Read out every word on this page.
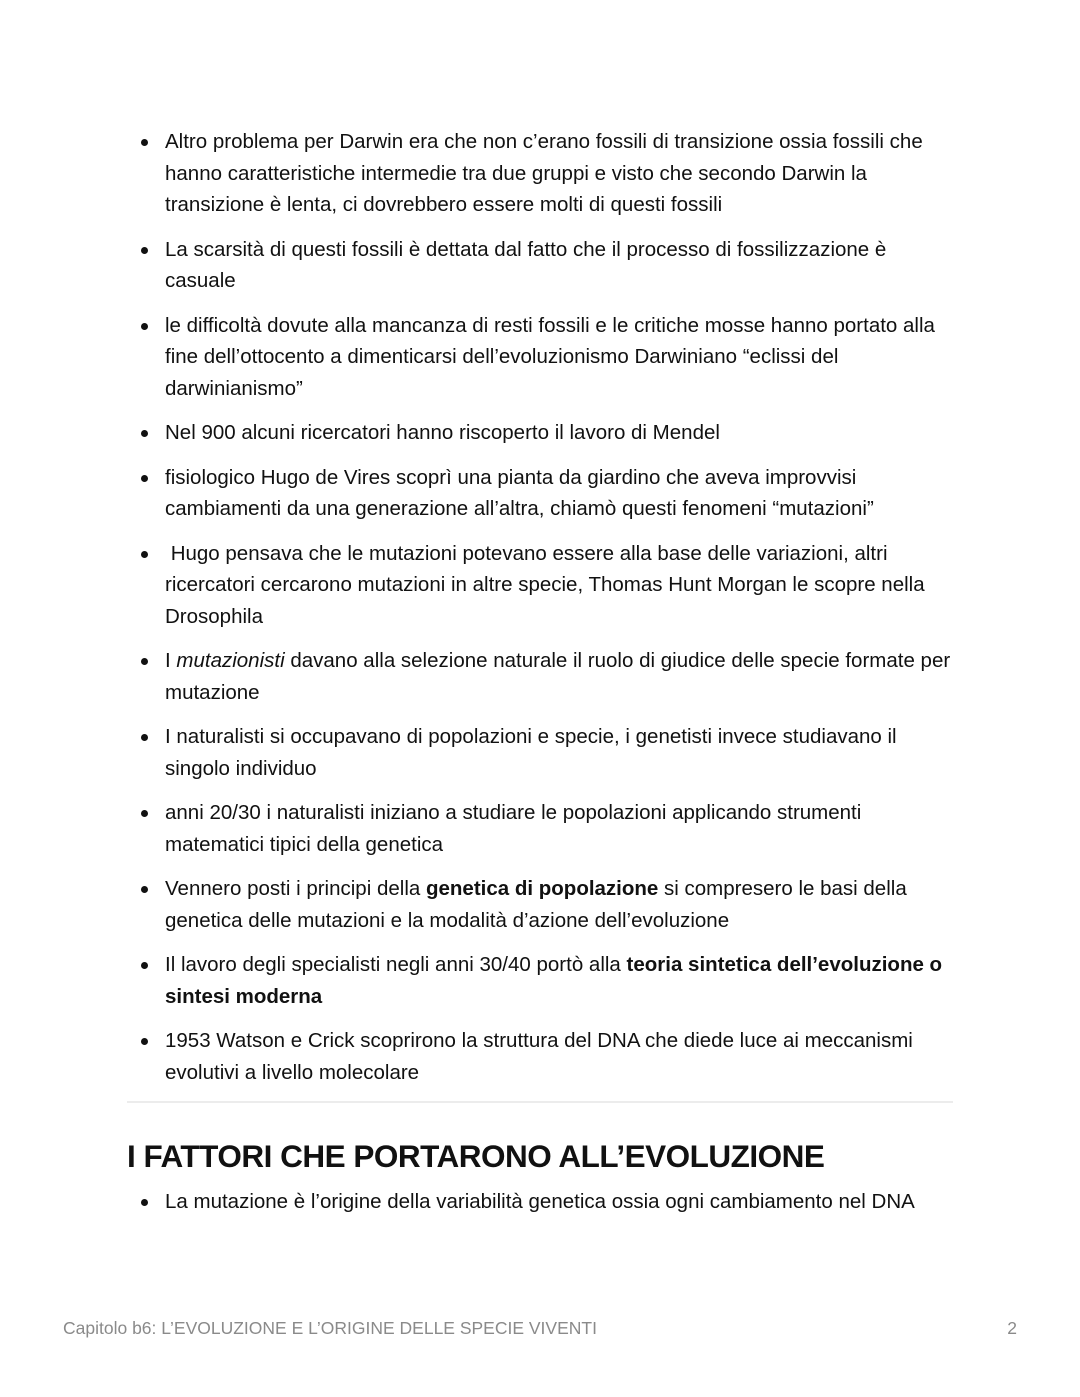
Altro problema per Darwin era che non c’erano fossili di transizione ossia fossili che hanno caratteristiche intermedie tra due gruppi e visto che secondo Darwin la transizione è lenta, ci dovrebbero essere molti di questi fossili
La scarsità di questi fossili è dettata dal fatto che il processo di fossilizzazione è casuale
le difficoltà dovute alla mancanza di resti fossili e le critiche mosse hanno portato alla fine dell’ottocento a dimenticarsi dell’evoluzionismo Darwiniano “eclissi del darwinianismo”
Nel 900 alcuni ricercatori hanno riscoperto il lavoro di Mendel
fisiologico Hugo de Vires scoprì una pianta da giardino che aveva improvvisi cambiamenti da una generazione all’altra, chiamò questi fenomeni “mutazioni”
Hugo pensava che le mutazioni potevano essere alla base delle variazioni, altri ricercatori cercarono mutazioni in altre specie, Thomas Hunt Morgan le scopre nella Drosophila
I mutazionisti davano alla selezione naturale il ruolo di giudice delle specie formate per mutazione
I naturalisti si occupavano di popolazioni e specie, i genetisti invece studiavano il singolo individuo
anni 20/30 i naturalisti iniziano a studiare le popolazioni applicando strumenti matematici tipici della genetica
Vennero posti i principi della genetica di popolazione si compresero le basi della genetica delle mutazioni e la modalità d’azione dell’evoluzione
Il lavoro degli specialisti negli anni 30/40 portò alla teoria sintetica dell’evoluzione o sintesi moderna
1953 Watson e Crick scoprirono la struttura del DNA che diede luce ai meccanismi evolutivi a livello molecolare
I FATTORI CHE PORTARONO ALL’EVOLUZIONE
La mutazione è l’origine della variabilità genetica ossia ogni cambiamento nel DNA
Capitolo b6: L’EVOLUZIONE E L’ORIGINE DELLE SPECIE VIVENTI	2
